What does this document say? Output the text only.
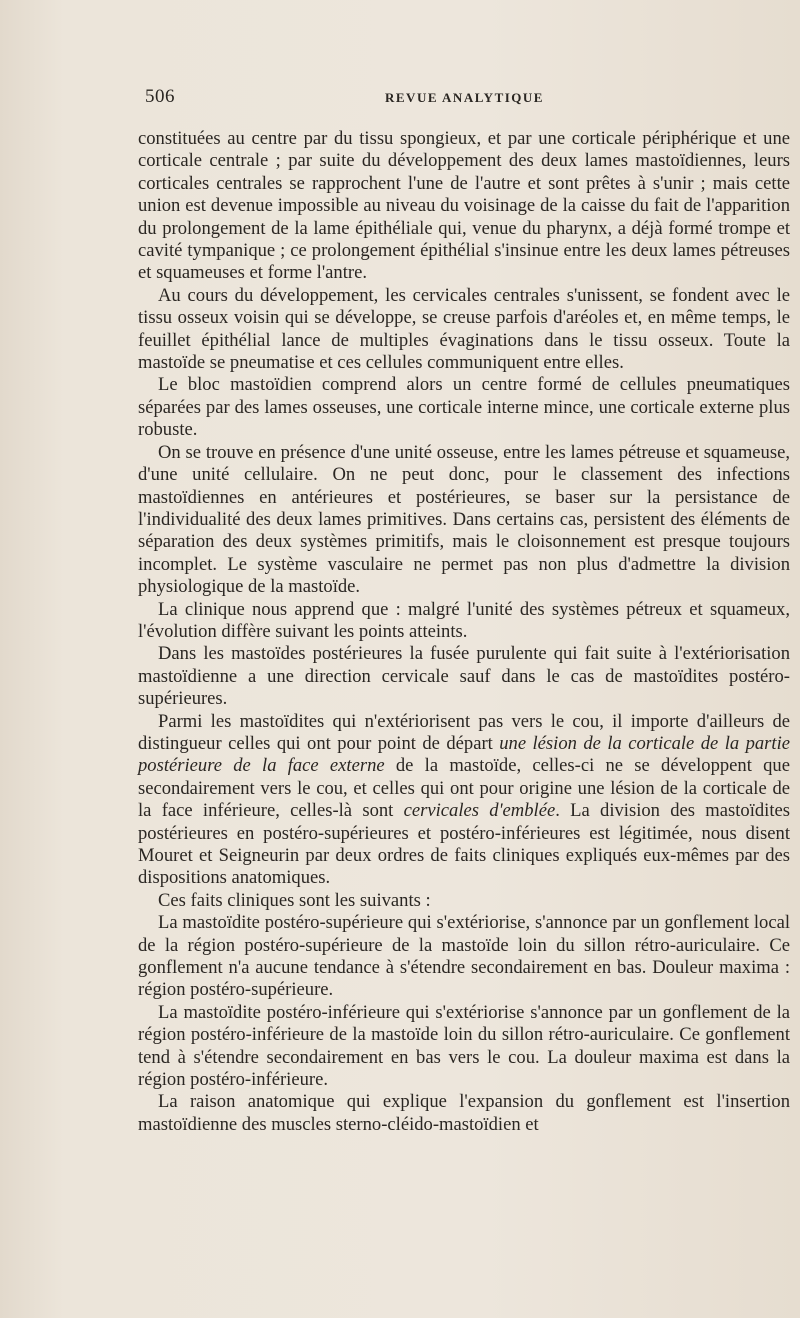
506	REVUE ANALYTIQUE

constituées au centre par du tissu spongieux, et par une corticale périphérique et une corticale centrale ; par suite du développement des deux lames mastoïdiennes, leurs corticales centrales se rapprochent l'une de l'autre et sont prêtes à s'unir ; mais cette union est devenue impossible au niveau du voisinage de la caisse du fait de l'apparition du prolongement de la lame épithéliale qui, venue du pharynx, a déjà formé trompe et cavité tympanique ; ce prolongement épithélial s'insinue entre les deux lames pétreuses et squameuses et forme l'antre.

Au cours du développement, les cervicales centrales s'unissent, se fondent avec le tissu osseux voisin qui se développe, se creuse parfois d'aréoles et, en même temps, le feuillet épithélial lance de multiples évaginations dans le tissu osseux. Toute la mastoïde se pneumatise et ces cellules communiquent entre elles.

Le bloc mastoïdien comprend alors un centre formé de cellules pneumatiques séparées par des lames osseuses, une corticale interne mince, une corticale externe plus robuste.

On se trouve en présence d'une unité osseuse, entre les lames pétreuse et squameuse, d'une unité cellulaire. On ne peut donc, pour le classement des infections mastoïdiennes en antérieures et postérieures, se baser sur la persistance de l'individualité des deux lames primitives. Dans certains cas, persistent des éléments de séparation des deux systèmes primitifs, mais le cloisonnement est presque toujours incomplet. Le système vasculaire ne permet pas non plus d'admettre la division physiologique de la mastoïde.

La clinique nous apprend que : malgré l'unité des systèmes pétreux et squameux, l'évolution diffère suivant les points atteints.

Dans les mastoïdes postérieures la fusée purulente qui fait suite à l'extériorisation mastoïdienne a une direction cervicale sauf dans le cas de mastoïdites postéro-supérieures.

Parmi les mastoïdites qui n'extériorisent pas vers le cou, il importe d'ailleurs de distingueur celles qui ont pour point de départ une lésion de la corticale de la partie postérieure de la face externe de la mastoïde, celles-ci ne se développent que secondairement vers le cou, et celles qui ont pour origine une lésion de la corticale de la face inférieure, celles-là sont cervicales d'emblée. La division des mastoïdites postérieures en postéro-supérieures et postéro-inférieures est légitimée, nous disent Mouret et Seigneurin par deux ordres de faits cliniques expliqués eux-mêmes par des dispositions anatomiques.

Ces faits cliniques sont les suivants :

La mastoïdite postéro-supérieure qui s'extériorise, s'annonce par un gonflement local de la région postéro-supérieure de la mastoïde loin du sillon rétro-auriculaire. Ce gonflement n'a aucune tendance à s'étendre secondairement en bas. Douleur maxima : région postéro-supérieure.

La mastoïdite postéro-inférieure qui s'extériorise s'annonce par un gonflement de la région postéro-inférieure de la mastoïde loin du sillon rétro-auriculaire. Ce gonflement tend à s'étendre secondairement en bas vers le cou. La douleur maxima est dans la région postéro-inférieure.

La raison anatomique qui explique l'expansion du gonflement est l'insertion mastoïdienne des muscles sterno-cléido-mastoïdien et
